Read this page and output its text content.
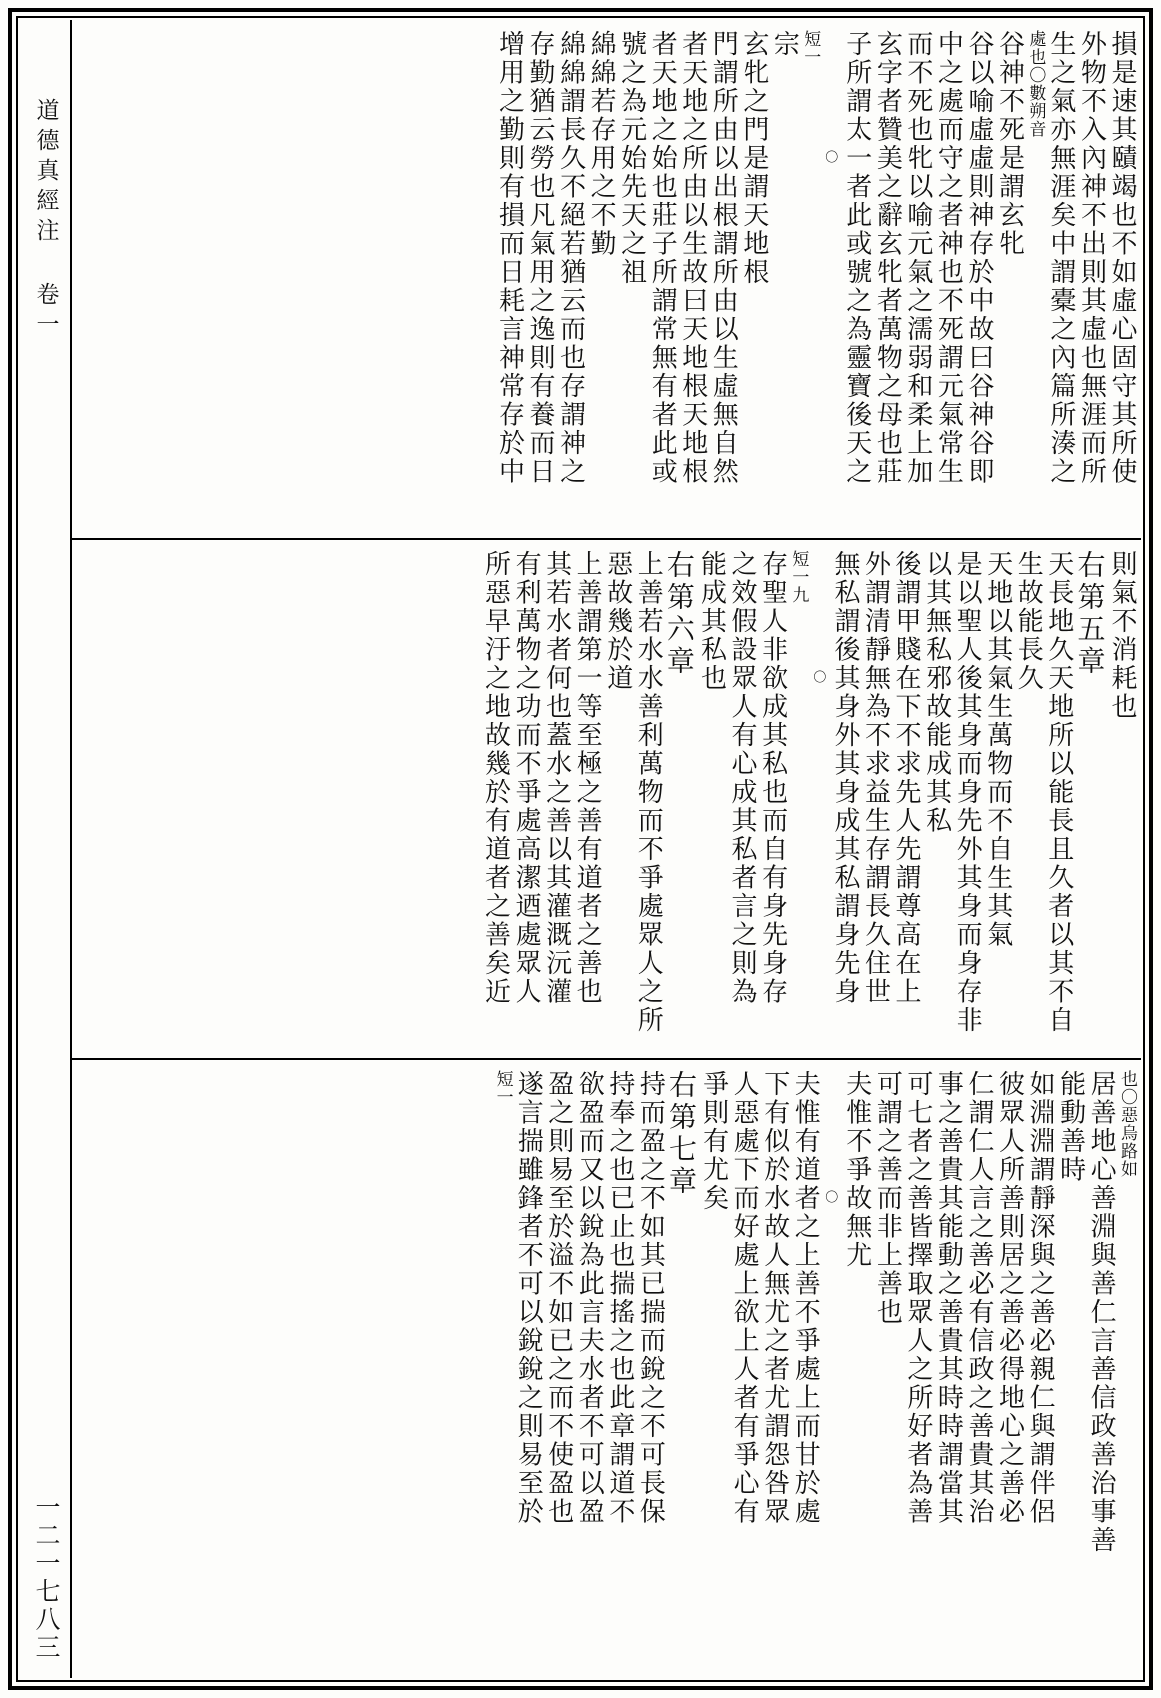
道德真經注
卷一
一二一
七八三
損是速其賾竭也不如虛心固守其所使
外物不入內神不出則其虛也無涯而所
生之氣亦無涯矣中謂橐之內篇所湊之
處也〇數朔音
谷神不死是謂玄牝
谷以喻虛虛則神存於中故曰谷神谷即
中之處而守之者神也不死謂元氣常生
而不死也牝以喻元氣之濡弱和柔上加
玄字者贊美之辭玄牝者萬物之母也莊
子所謂太一者此或號之為靈寶後天之
〇
短一
宗
玄牝之門是謂天地根
門謂所由以出根謂所由以生虛無自然
者天地之所由以生故曰天地根天地根
者天地之始也莊子所謂常無有者此或
號之為元始先天之祖
綿綿若存用之不勤
綿綿謂長久不絕若猶云而也存謂神之
存勤猶云勞也凡氣用之逸則有養而日
增用之勤則有損而日耗言神常存於中
則氣不消耗也
右第五章
天長地久天地所以能長且久者以其不自
生故能長久
天地以其氣生萬物而不自生其氣
是以聖人後其身而身先外其身而身存非
以其無私邪故能成其私
後謂甲賤在下不求先人先謂尊高在上
外謂清靜無為不求益生存謂長久住世
無私謂後其身外其身成其私謂身先身
〇
短一九
存聖人非欲成其私也而自有身先身存
之效假設眾人有心成其私者言之則為
能成其私也
右第六章
上善若水水善利萬物而不爭處眾人之所
惡故幾於道
上善謂第一等至極之善有道者之善也
其若水者何也蓋水之善以其灌溉沅灌
有利萬物之功而不爭處高潔迺處眾人
所惡早汙之地故幾於有道者之善矣近
也〇惡烏路如
居善地心善淵與善仁言善信政善治事善
能動善時
如淵淵謂靜深與之善必親仁與謂伴侶
彼眾人所善則居之善必得地心之善必
仁謂仁人言之善必有信政之善貴其治
事之善貴其能動之善貴其時時謂當其
可七者之善皆擇取眾人之所好者為善
可謂之善而非上善也
夫惟不爭故無尤
〇
夫惟有道者之上善不爭處上而甘於處
下有似於水故人無尤之者尤謂怨咎眾
人惡處下而好處上欲上人者有爭心有
爭則有尤矣
右第七章
持而盈之不如其已揣而銳之不可長保
持奉之也已止也揣搖之也此章謂道不
欲盈而又以銳為此言夫水者不可以盈
盈之則易至於溢不如已之而不使盈也
遂言揣雖鋒者不可以銳銳之則易至於
短一
